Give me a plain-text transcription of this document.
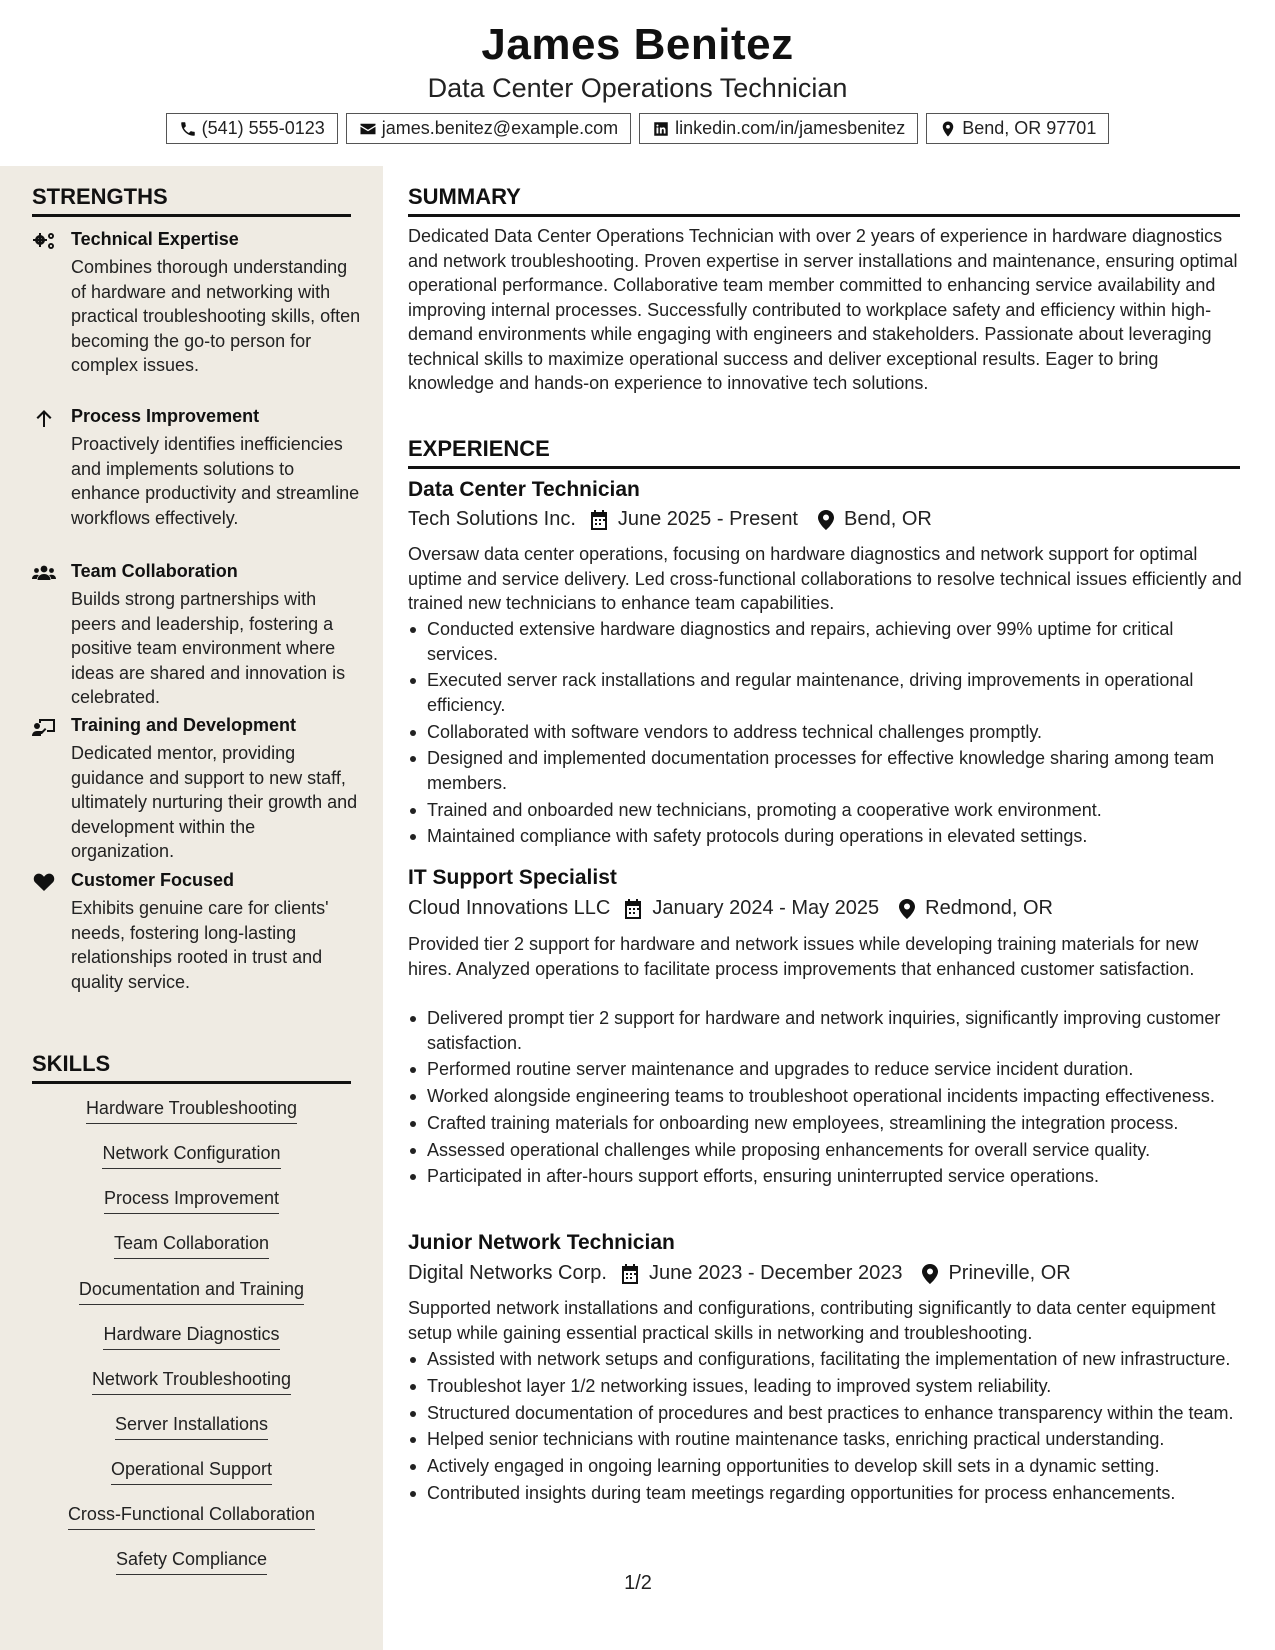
James Benitez
Data Center Operations Technician
(541) 555-0123	james.benitez@example.com	linkedin.com/in/jamesbenitez	Bend, OR 97701
STRENGTHS
Technical Expertise
Combines thorough understanding of hardware and networking with practical troubleshooting skills, often becoming the go-to person for complex issues.
Process Improvement
Proactively identifies inefficiencies and implements solutions to enhance productivity and streamline workflows effectively.
Team Collaboration
Builds strong partnerships with peers and leadership, fostering a positive team environment where ideas are shared and innovation is celebrated.
Training and Development
Dedicated mentor, providing guidance and support to new staff, ultimately nurturing their growth and development within the organization.
Customer Focused
Exhibits genuine care for clients' needs, fostering long-lasting relationships rooted in trust and quality service.
SKILLS
Hardware Troubleshooting
Network Configuration
Process Improvement
Team Collaboration
Documentation and Training
Hardware Diagnostics
Network Troubleshooting
Server Installations
Operational Support
Cross-Functional Collaboration
Safety Compliance
SUMMARY
Dedicated Data Center Operations Technician with over 2 years of experience in hardware diagnostics and network troubleshooting. Proven expertise in server installations and maintenance, ensuring optimal operational performance. Collaborative team member committed to enhancing service availability and improving internal processes. Successfully contributed to workplace safety and efficiency within high-demand environments while engaging with engineers and stakeholders. Passionate about leveraging technical skills to maximize operational success and deliver exceptional results. Eager to bring knowledge and hands-on experience to innovative tech solutions.
EXPERIENCE
Data Center Technician
Tech Solutions Inc. June 2025 - Present Bend, OR
Oversaw data center operations, focusing on hardware diagnostics and network support for optimal uptime and service delivery. Led cross-functional collaborations to resolve technical issues efficiently and trained new technicians to enhance team capabilities.
Conducted extensive hardware diagnostics and repairs, achieving over 99% uptime for critical services.
Executed server rack installations and regular maintenance, driving improvements in operational efficiency.
Collaborated with software vendors to address technical challenges promptly.
Designed and implemented documentation processes for effective knowledge sharing among team members.
Trained and onboarded new technicians, promoting a cooperative work environment.
Maintained compliance with safety protocols during operations in elevated settings.
IT Support Specialist
Cloud Innovations LLC January 2024 - May 2025 Redmond, OR
Provided tier 2 support for hardware and network issues while developing training materials for new hires. Analyzed operations to facilitate process improvements that enhanced customer satisfaction.
Delivered prompt tier 2 support for hardware and network inquiries, significantly improving customer satisfaction.
Performed routine server maintenance and upgrades to reduce service incident duration.
Worked alongside engineering teams to troubleshoot operational incidents impacting effectiveness.
Crafted training materials for onboarding new employees, streamlining the integration process.
Assessed operational challenges while proposing enhancements for overall service quality.
Participated in after-hours support efforts, ensuring uninterrupted service operations.
Junior Network Technician
Digital Networks Corp. June 2023 - December 2023 Prineville, OR
Supported network installations and configurations, contributing significantly to data center equipment setup while gaining essential practical skills in networking and troubleshooting.
Assisted with network setups and configurations, facilitating the implementation of new infrastructure.
Troubleshot layer 1/2 networking issues, leading to improved system reliability.
Structured documentation of procedures and best practices to enhance transparency within the team.
Helped senior technicians with routine maintenance tasks, enriching practical understanding.
Actively engaged in ongoing learning opportunities to develop skill sets in a dynamic setting.
Contributed insights during team meetings regarding opportunities for process enhancements.
1/2
